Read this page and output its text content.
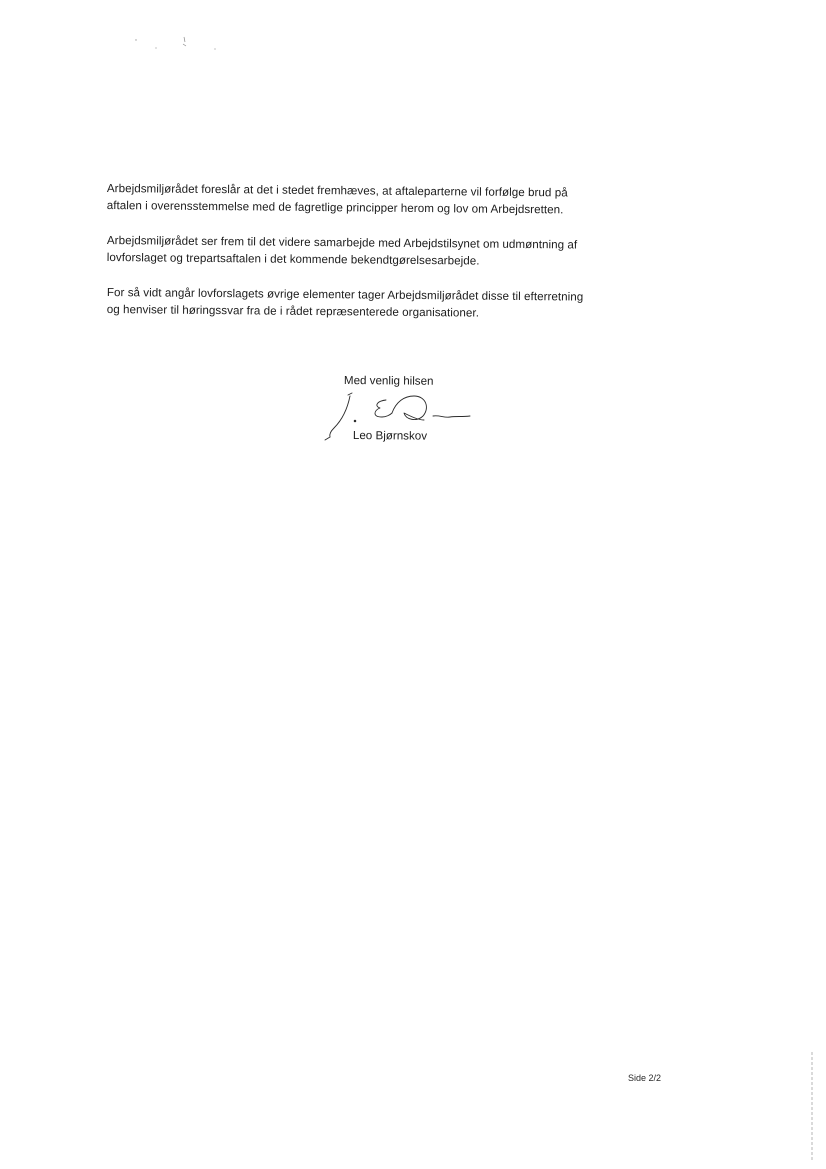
Arbejdsmiljørådet foreslår at det i stedet fremhæves, at aftaleparterne vil forfølge brud på
aftalen i overensstemmelse med de fagretlige principper herom og lov om Arbejdsretten.

Arbejdsmiljørådet ser frem til det videre samarbejde med Arbejdstilsynet om udmøntning af
lovforslaget og trepartsaftalen i det kommende bekendtgørelsesarbejde.

For så vidt angår lovforslagets øvrige elementer tager Arbejdsmiljørådet disse til efterretning
og henviser til høringssvar fra de i rådet repræsenterede organisationer.

Med venlig hilsen
Leo Bjørnskov
Side 2/2
